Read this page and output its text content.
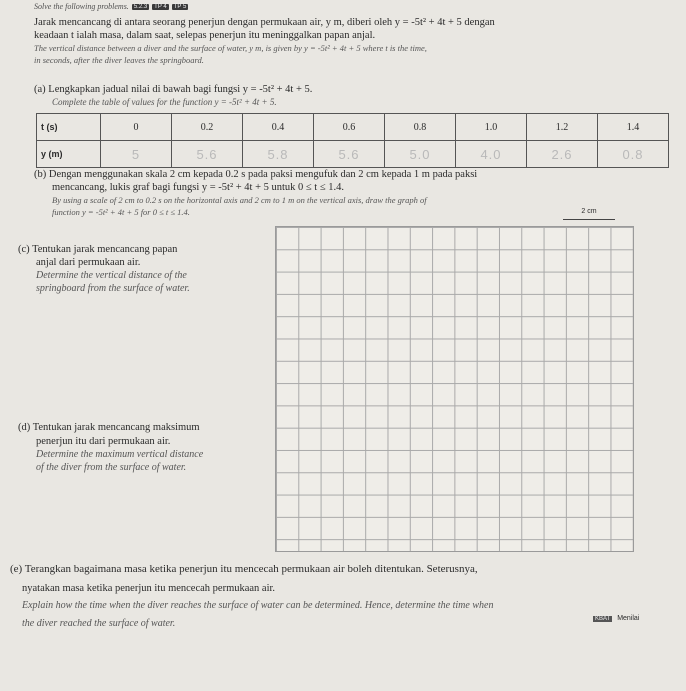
Solve the following problems. 5.2.3	TP 4	TP 5
Jarak mencancang di antara seorang penerjun dengan permukaan air, y m, diberi oleh y = -5t² + 4t + 5 dengan
keadaan t ialah masa, dalam saat, selepas penerjun itu meninggalkan papan anjal.
The vertical distance between a diver and the surface of water, y m, is given by y = -5t² + 4t + 5 where t is the time,
in seconds, after the diver leaves the springboard.
(a) Lengkapkan jadual nilai di bawah bagi fungsi y = -5t² + 4t + 5.
Complete the table of values for the function y = -5t² + 4t + 5.
t (s)	0	0.2	0.4	0.6	0.8	1.0	1.2	1.4
y (m)	5	5.6	5.8	5.6	5.0	4.0	2.6	0.8
(b) Dengan menggunakan skala 2 cm kepada 0.2 s pada paksi mengufuk dan 2 cm kepada 1 m pada paksi
mencancang, lukis graf bagi fungsi y = -5t² + 4t + 5 untuk 0 ≤ t ≤ 1.4.
By using a scale of 2 cm to 0.2 s on the horizontal axis and 2 cm to 1 m on the vertical axis, draw the graph of
function y = -5t² + 4t + 5 for 0 ≤ t ≤ 1.4.	2 cm
(c) Tentukan jarak mencancang papan
anjal dari permukaan air.
Determine the vertical distance of the
springboard from the surface of water.
(d) Tentukan jarak mencancang maksimum
penerjun itu dari permukaan air.
Determine the maximum vertical distance
of the diver from the surface of water.
(e) Terangkan bagaimana masa ketika penerjun itu mencecah permukaan air boleh ditentukan. Seterusnya,
nyatakan masa ketika penerjun itu mencecah permukaan air.
Explain how the time when the diver reaches the surface of water can be determined. Hence, determine the time when
the diver reached the surface of water.	KBAT Menilai
